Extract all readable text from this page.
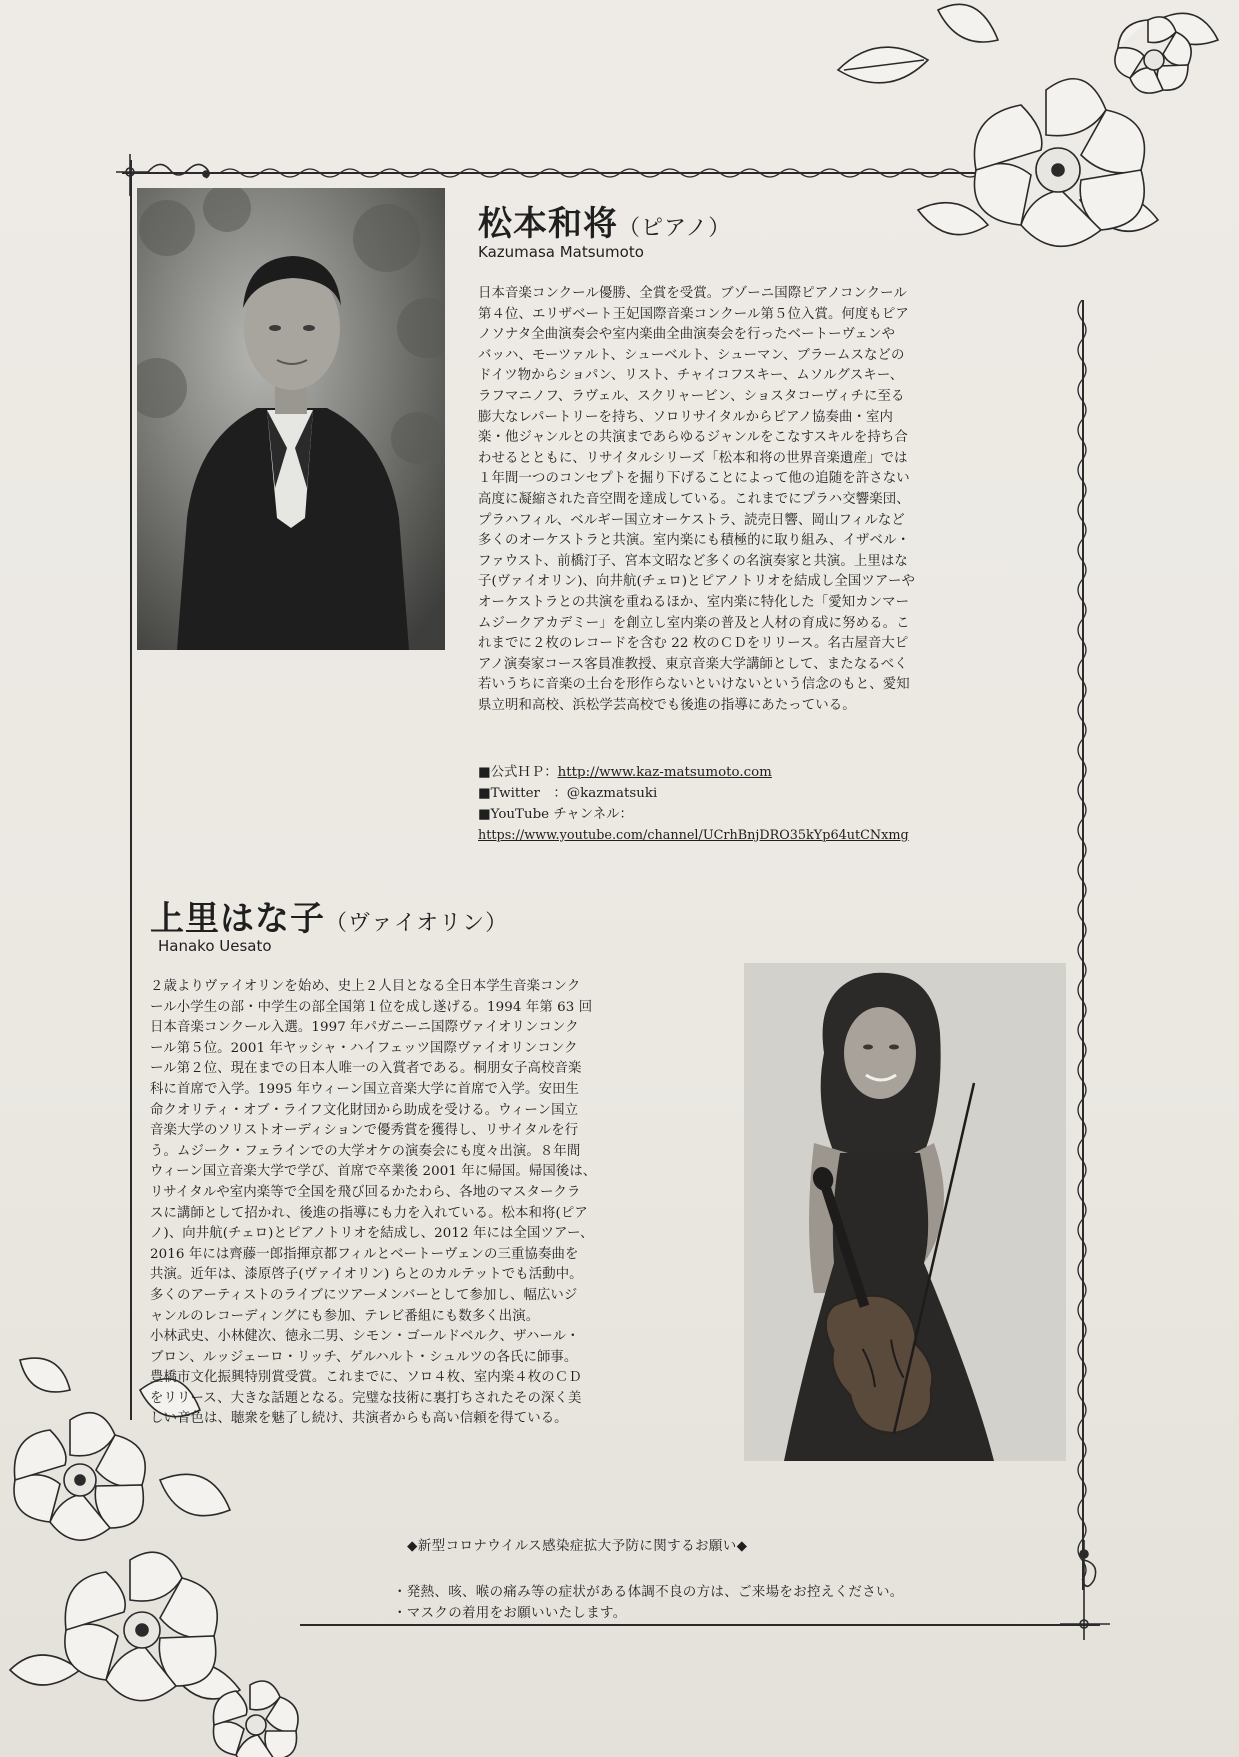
松本和将（ピアノ）
Kazumasa Matsumoto

日本音楽コンクール優勝、全賞を受賞。ブゾーニ国際ピアノコンクール

第４位、エリザベート王妃国際音楽コンクール第５位入賞。何度もピア

ノソナタ全曲演奏会や室内楽曲全曲演奏会を行ったベートーヴェンや

バッハ、モーツァルト、シューベルト、シューマン、ブラームスなどの

ドイツ物からショパン、リスト、チャイコフスキー、ムソルグスキー、

ラフマニノフ、ラヴェル、スクリャービン、ショスタコーヴィチに至る

膨大なレパートリーを持ち、ソロリサイタルからピアノ協奏曲・室内

楽・他ジャンルとの共演まであらゆるジャンルをこなすスキルを持ち合

わせるとともに、リサイタルシリーズ「松本和将の世界音楽遺産」では

１年間一つのコンセプトを掘り下げることによって他の追随を許さない

高度に凝縮された音空間を達成している。これまでにプラハ交響楽団、

プラハフィル、ベルギー国立オーケストラ、読売日響、岡山フィルなど

多くのオーケストラと共演。室内楽にも積極的に取り組み、イザベル・

ファウスト、前橋汀子、宮本文昭など多くの名演奏家と共演。上里はな

子(ヴァイオリン)、向井航(チェロ)とピアノトリオを結成し全国ツアーや

オーケストラとの共演を重ねるほか、室内楽に特化した「愛知カンマー

ムジークアカデミー」を創立し室内楽の普及と人材の育成に努める。こ

れまでに２枚のレコードを含む 22 枚のＣＤをリリース。名古屋音大ピ

アノ演奏家コース客員准教授、東京音楽大学講師として、またなるべく

若いうちに音楽の土台を形作らないといけないという信念のもと、愛知

県立明和高校、浜松学芸高校でも後進の指導にあたっている。

■公式ＨＰ：http://www.kaz-matsumoto.com
■Twitter　：@kazmatsuki
■YouTube チャンネル：
https://www.youtube.com/channel/UCrhBnjDRO35kYp64utCNxmg
上里はな子（ヴァイオリン）
Hanako Uesato

２歳よりヴァイオリンを始め、史上２人目となる全日本学生音楽コンク

ール小学生の部・中学生の部全国第１位を成し遂げる。1994 年第 63 回

日本音楽コンクール入選。1997 年パガニーニ国際ヴァイオリンコンク

ール第５位。2001 年ヤッシャ・ハイフェッツ国際ヴァイオリンコンク

ール第２位、現在までの日本人唯一の入賞者である。桐朋女子高校音楽

科に首席で入学。1995 年ウィーン国立音楽大学に首席で入学。安田生

命クオリティ・オブ・ライフ文化財団から助成を受ける。ウィーン国立

音楽大学のソリストオーディションで優秀賞を獲得し、リサイタルを行

う。ムジーク・フェラインでの大学オケの演奏会にも度々出演。８年間

ウィーン国立音楽大学で学び、首席で卒業後 2001 年に帰国。帰国後は、

リサイタルや室内楽等で全国を飛び回るかたわら、各地のマスタークラ

スに講師として招かれ、後進の指導にも力を入れている。松本和将(ピア

ノ)、向井航(チェロ)とピアノトリオを結成し、2012 年には全国ツアー、

2016 年には齊藤一郎指揮京都フィルとベートーヴェンの三重協奏曲を

共演。近年は、漆原啓子(ヴァイオリン) らとのカルテットでも活動中。

多くのアーティストのライブにツアーメンバーとして参加し、幅広いジ

ャンルのレコーディングにも参加、テレビ番組にも数多く出演。

小林武史、小林健次、徳永二男、シモン・ゴールドベルク、ザハール・

ブロン、ルッジェーロ・リッチ、ゲルハルト・シュルツの各氏に師事。

豊橋市文化振興特別賞受賞。これまでに、ソロ４枚、室内楽４枚のＣＤ

をリリース、大きな話題となる。完璧な技術に裏打ちされたその深く美

しい音色は、聴衆を魅了し続け、共演者からも高い信頼を得ている。

◆新型コロナウイルス感染症拡大予防に関するお願い◆
・発熱、咳、喉の痛み等の症状がある体調不良の方は、ご来場をお控えください。
・マスクの着用をお願いいたします。
